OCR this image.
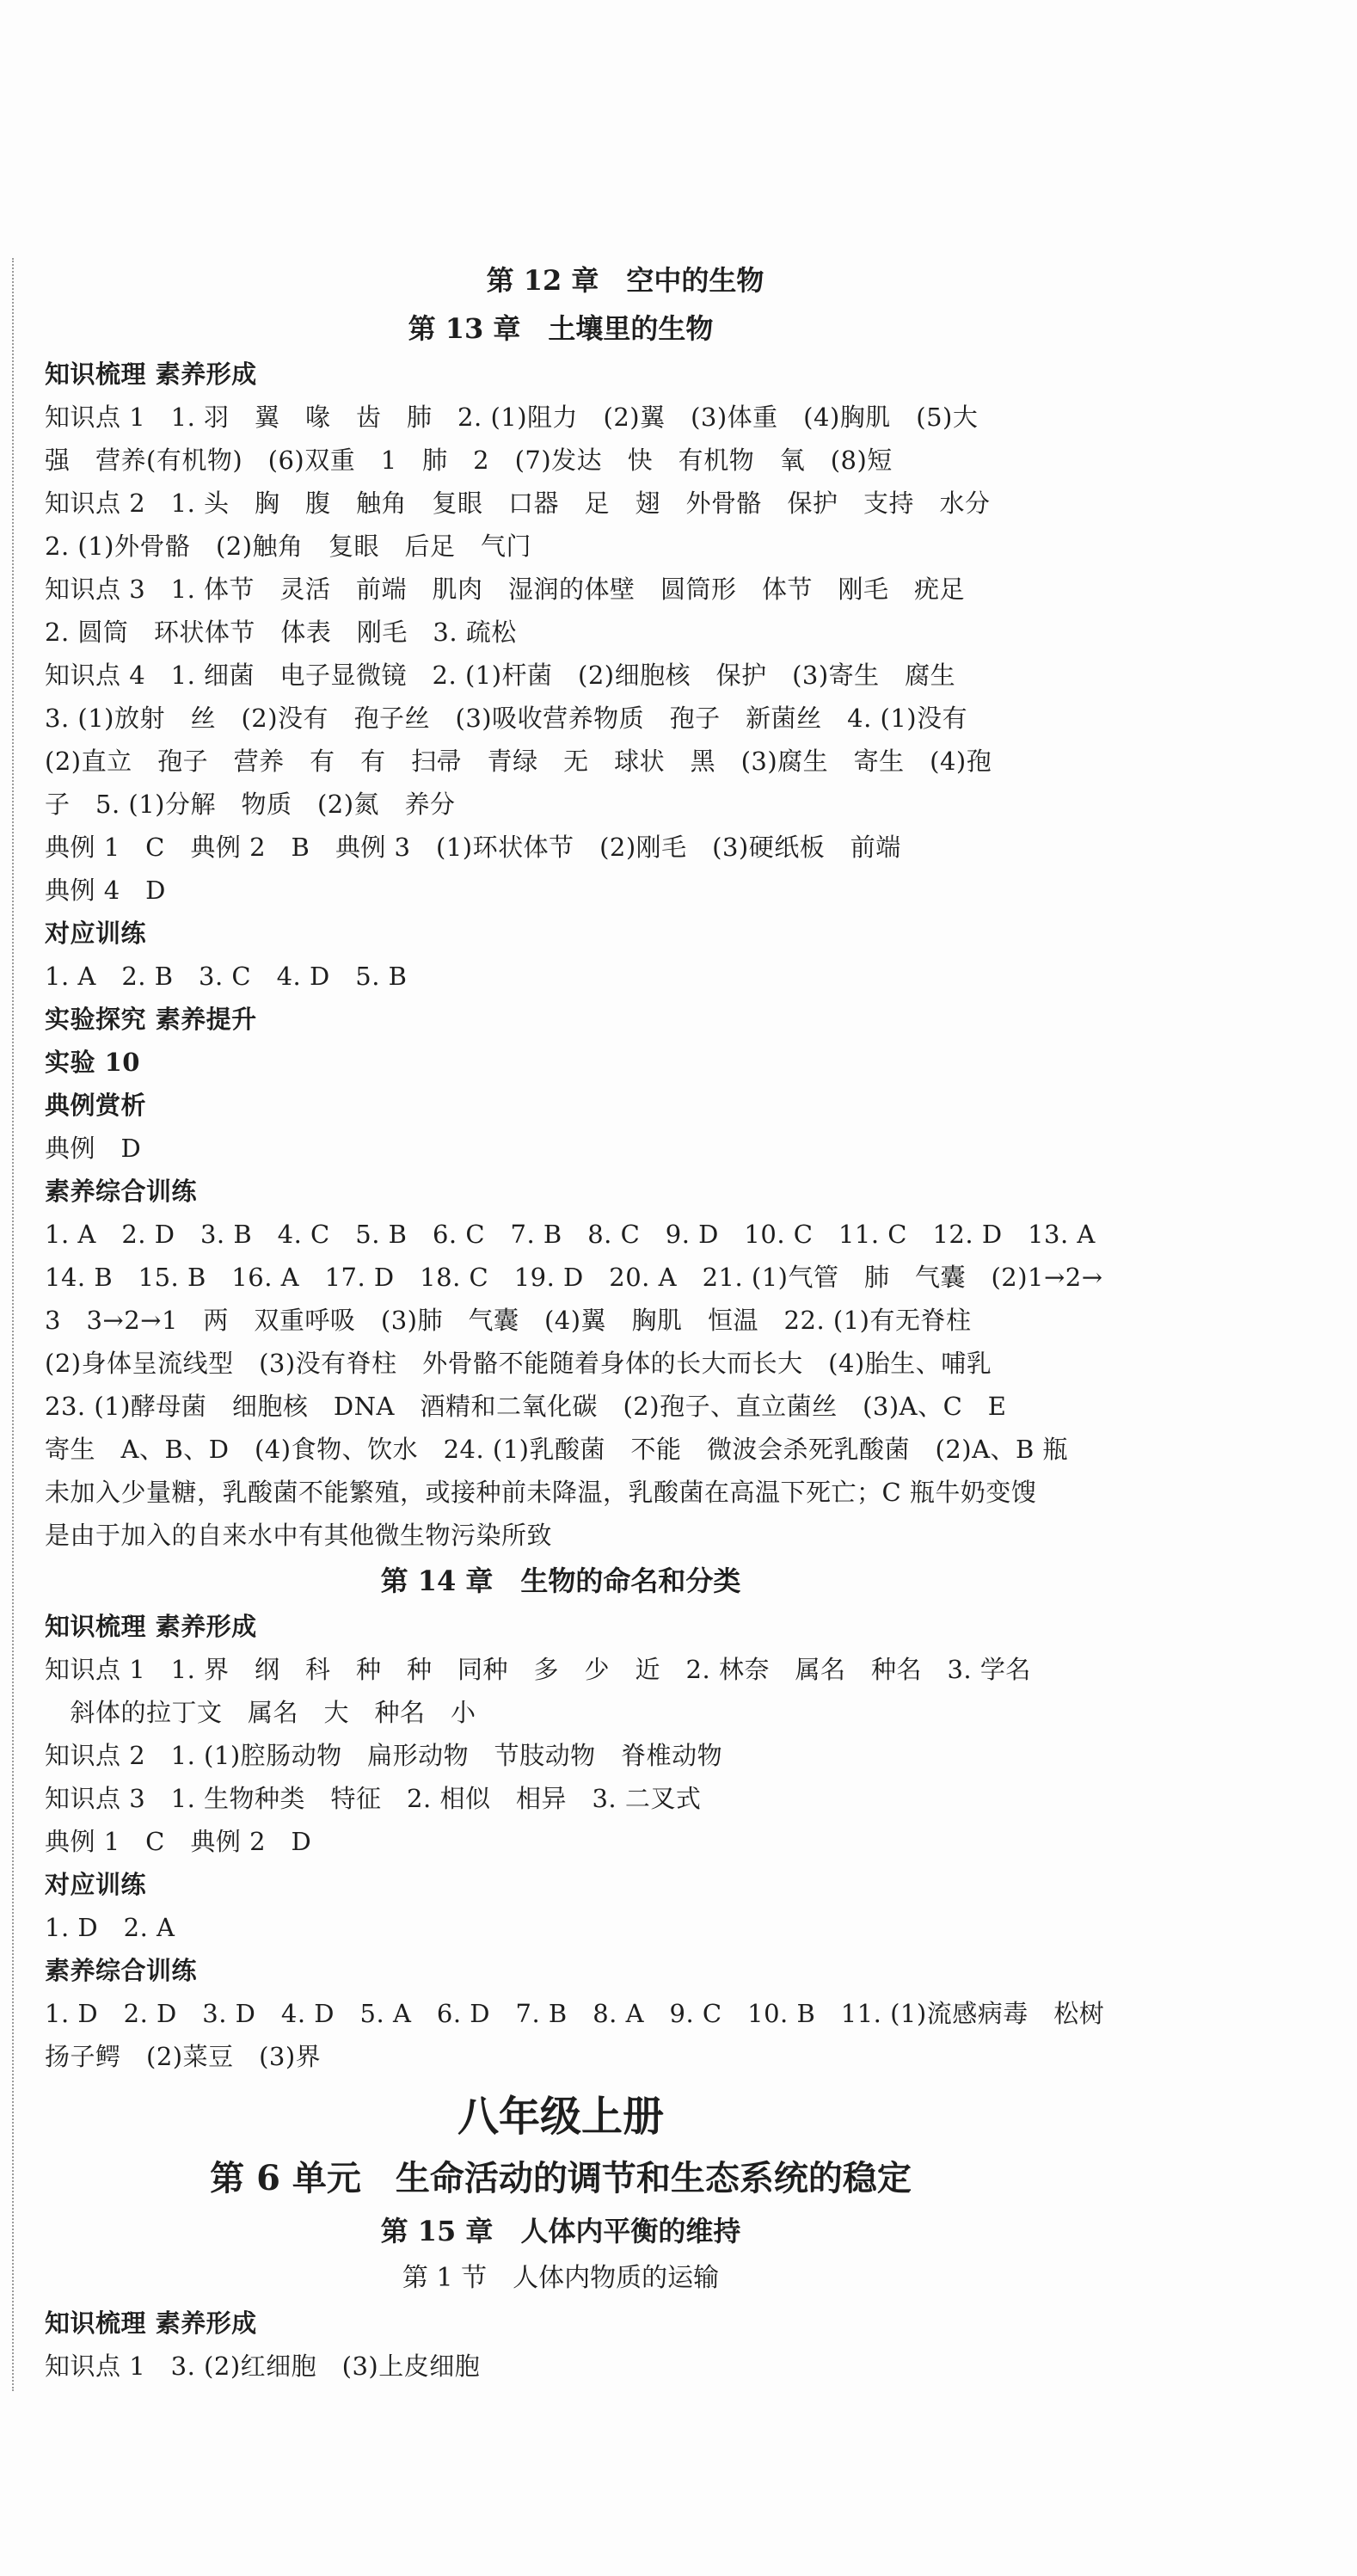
第 12 章　空中的生物
第 13 章　土壤里的生物
知识梳理 素养形成
知识点 1　1. 羽　翼　喙　齿　肺　2. (1)阻力　(2)翼　(3)体重　(4)胸肌　(5)大
强　营养(有机物)　(6)双重　1　肺　2　(7)发达　快　有机物　氧　(8)短
知识点 2　1. 头　胸　腹　触角　复眼　口器　足　翅　外骨骼　保护　支持　水分
2. (1)外骨骼　(2)触角　复眼　后足　气门
知识点 3　1. 体节　灵活　前端　肌肉　湿润的体壁　圆筒形　体节　刚毛　疣足
2. 圆筒　环状体节　体表　刚毛　3. 疏松
知识点 4　1. 细菌　电子显微镜　2. (1)杆菌　(2)细胞核　保护　(3)寄生　腐生
3. (1)放射　丝　(2)没有　孢子丝　(3)吸收营养物质　孢子　新菌丝　4. (1)没有
(2)直立　孢子　营养　有　有　扫帚　青绿　无　球状　黑　(3)腐生　寄生　(4)孢
子　5. (1)分解　物质　(2)氮　养分
典例 1　C　典例 2　B　典例 3　(1)环状体节　(2)刚毛　(3)硬纸板　前端
典例 4　D
对应训练
1. A　2. B　3. C　4. D　5. B
实验探究 素养提升
实验 10
典例赏析
典例　D
素养综合训练
1. A　2. D　3. B　4. C　5. B　6. C　7. B　8. C　9. D　10. C　11. C　12. D　13. A
14. B　15. B　16. A　17. D　18. C　19. D　20. A　21. (1)气管　肺　气囊　(2)1→2→
3　3→2→1　两　双重呼吸　(3)肺　气囊　(4)翼　胸肌　恒温　22. (1)有无脊柱
(2)身体呈流线型　(3)没有脊柱　外骨骼不能随着身体的长大而长大　(4)胎生、哺乳
23. (1)酵母菌　细胞核　DNA　酒精和二氧化碳　(2)孢子、直立菌丝　(3)A、C　E
寄生　A、B、D　(4)食物、饮水　24. (1)乳酸菌　不能　微波会杀死乳酸菌　(2)A、B 瓶
未加入少量糖，乳酸菌不能繁殖，或接种前未降温，乳酸菌在高温下死亡；C 瓶牛奶变馊
是由于加入的自来水中有其他微生物污染所致
第 14 章　生物的命名和分类
知识梳理 素养形成
知识点 1　1. 界　纲　科　种　种　同种　多　少　近　2. 林奈　属名　种名　3. 学名
　斜体的拉丁文　属名　大　种名　小
知识点 2　1. (1)腔肠动物　扁形动物　节肢动物　脊椎动物
知识点 3　1. 生物种类　特征　2. 相似　相异　3. 二叉式
典例 1　C　典例 2　D
对应训练
1. D　2. A
素养综合训练
1. D　2. D　3. D　4. D　5. A　6. D　7. B　8. A　9. C　10. B　11. (1)流感病毒　松树
扬子鳄　(2)菜豆　(3)界
八年级上册
第 6 单元　生命活动的调节和生态系统的稳定
第 15 章　人体内平衡的维持
第 1 节　人体内物质的运输
知识梳理 素养形成
知识点 1　3. (2)红细胞　(3)上皮细胞
